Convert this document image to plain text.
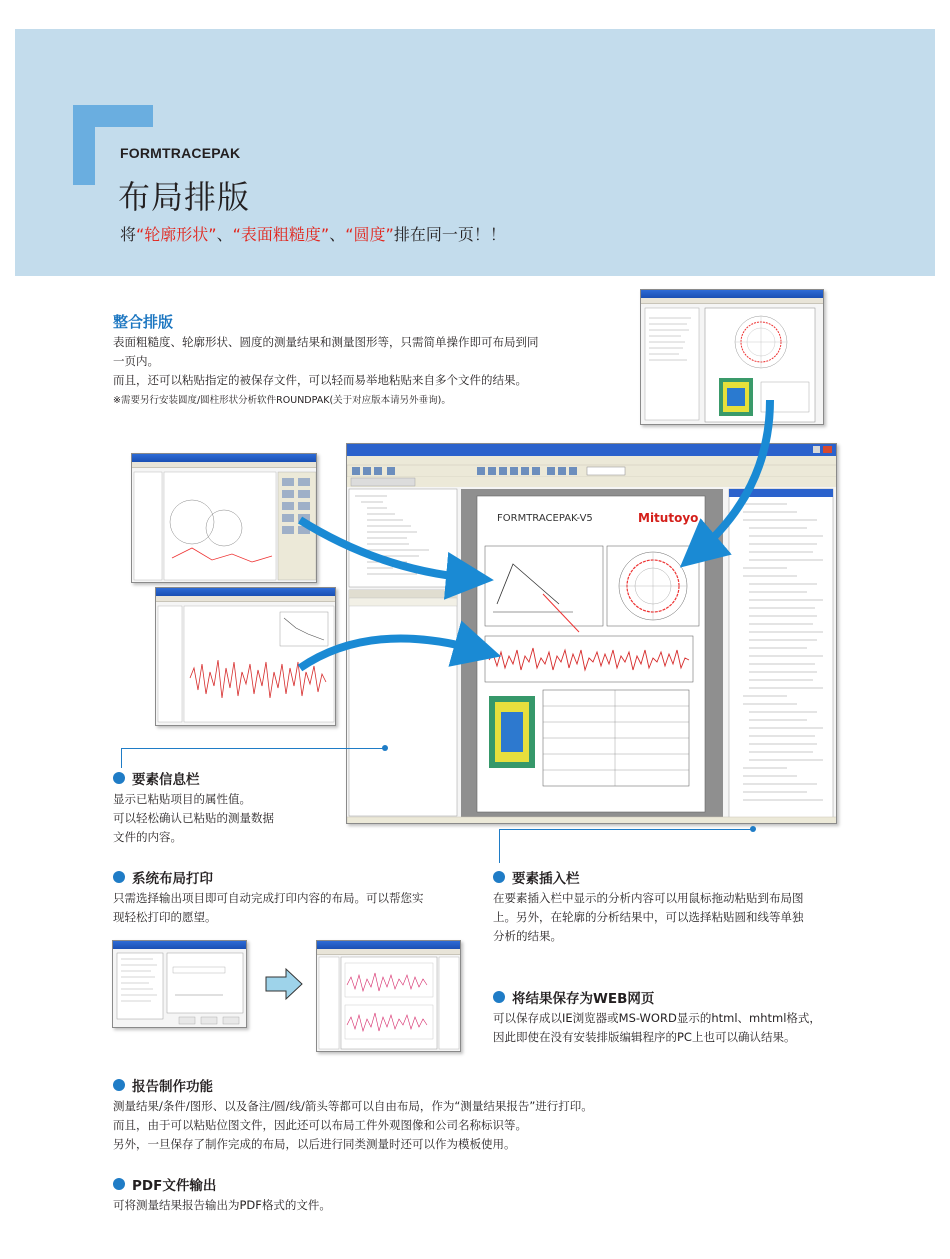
FORMTRACEPAK
布局排版
将“轮廓形状”、“表面粗糙度”、“圆度”排在同一页！！
整合排版
表面粗糙度、轮廓形状、圆度的测量结果和测量图形等，只需简单操作即可布局到同
一页内。
而且，还可以粘贴指定的被保存文件，可以轻而易举地粘贴来自多个文件的结果。
※需要另行安装圆度/圆柱形状分析软件ROUNDPAK(关于对应版本请另外垂询)。
FORMTRACEPAK-V5	Mitutoyo
要素信息栏
显示已粘贴项目的属性值。
可以轻松确认已粘贴的测量数据
文件的内容。
要素插入栏
在要素插入栏中显示的分析内容可以用鼠标拖动粘贴到布局图
上。另外，在轮廓的分析结果中，可以选择粘贴圆和线等单独
分析的结果。
系统布局打印
只需选择输出项目即可自动完成打印内容的布局。可以帮您实
现轻松打印的愿望。
将结果保存为WEB网页
可以保存成以IE浏览器或MS-WORD显示的html、mhtml格式，
因此即使在没有安装排版编辑程序的PC上也可以确认结果。
报告制作功能
测量结果/条件/图形、以及备注/圆/线/箭头等都可以自由布局，作为“测量结果报告”进行打印。
而且，由于可以粘贴位图文件，因此还可以布局工件外观图像和公司名称标识等。
另外，一旦保存了制作完成的布局，以后进行同类测量时还可以作为模板使用。
PDF文件输出
可将测量结果报告输出为PDF格式的文件。
